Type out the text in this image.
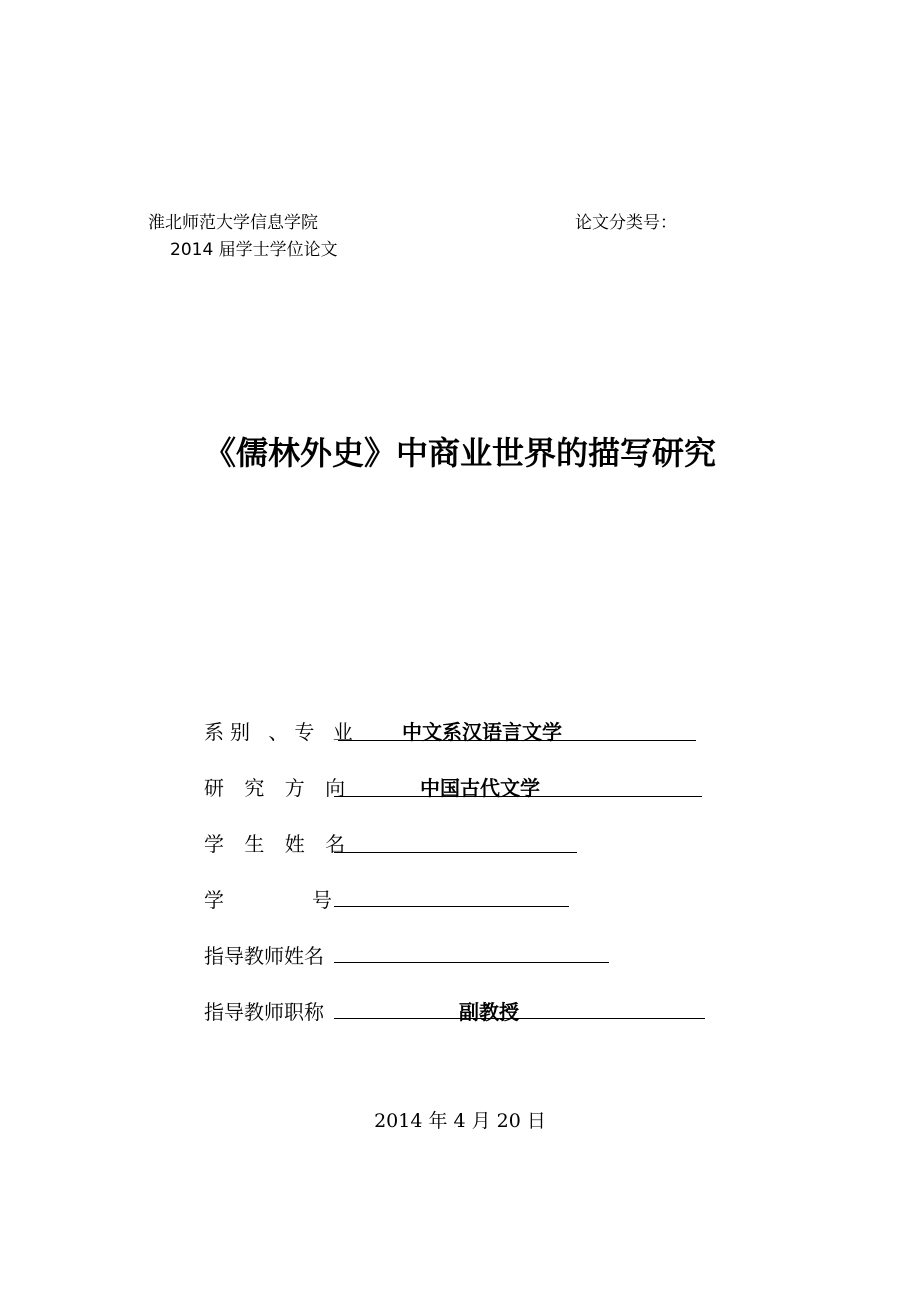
淮北师范大学信息学院
2014 届学士学位论文
论文分类号：
《儒林外史》中商业世界的描写研究
系别 、专 业 中文系汉语言文学
研 究 方 向	中国古代文学
学 生 姓 名
学	号
指导教师姓名
指导教师职称	副教授
2014 年 4 月 20 日
